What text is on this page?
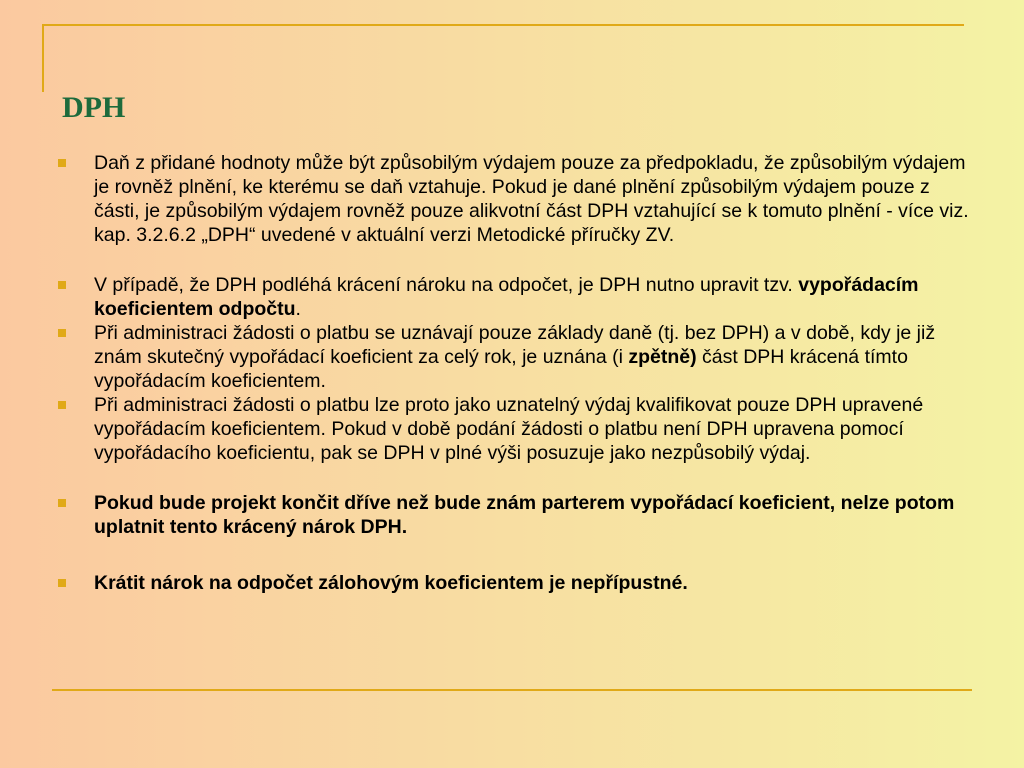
DPH
Daň z přidané hodnoty může být způsobilým výdajem pouze za předpokladu, že způsobilým výdajem je rovněž plnění, ke kterému se daň vztahuje. Pokud je dané plnění způsobilým výdajem pouze z části, je způsobilým výdajem rovněž pouze alikvotní část DPH vztahující se k tomuto plnění - více viz. kap. 3.2.6.2 „DPH“ uvedené v aktuální verzi Metodické příručky ZV.
V případě, že DPH podléhá krácení nároku na odpočet, je DPH nutno upravit tzv. vypořádacím koeficientem odpočtu.
Při administraci žádosti o platbu se uznávají pouze základy daně (tj. bez DPH) a v době, kdy je již znám skutečný vypořádací koeficient za celý rok, je uznána (i zpětně) část DPH krácená tímto vypořádacím koeficientem.
Při administraci žádosti o platbu lze proto jako uznatelný výdaj kvalifikovat pouze DPH upravené vypořádacím koeficientem. Pokud v době podání žádosti o platbu není DPH upravena pomocí vypořádacího koeficientu, pak se DPH v plné výši posuzuje jako nezpůsobilý výdaj.
Pokud bude projekt končit dříve než bude znám parterem vypořádací koeficient, nelze potom uplatnit tento krácený nárok DPH.
Krátit nárok na odpočet zálohovým koeficientem je nepřípustné.
